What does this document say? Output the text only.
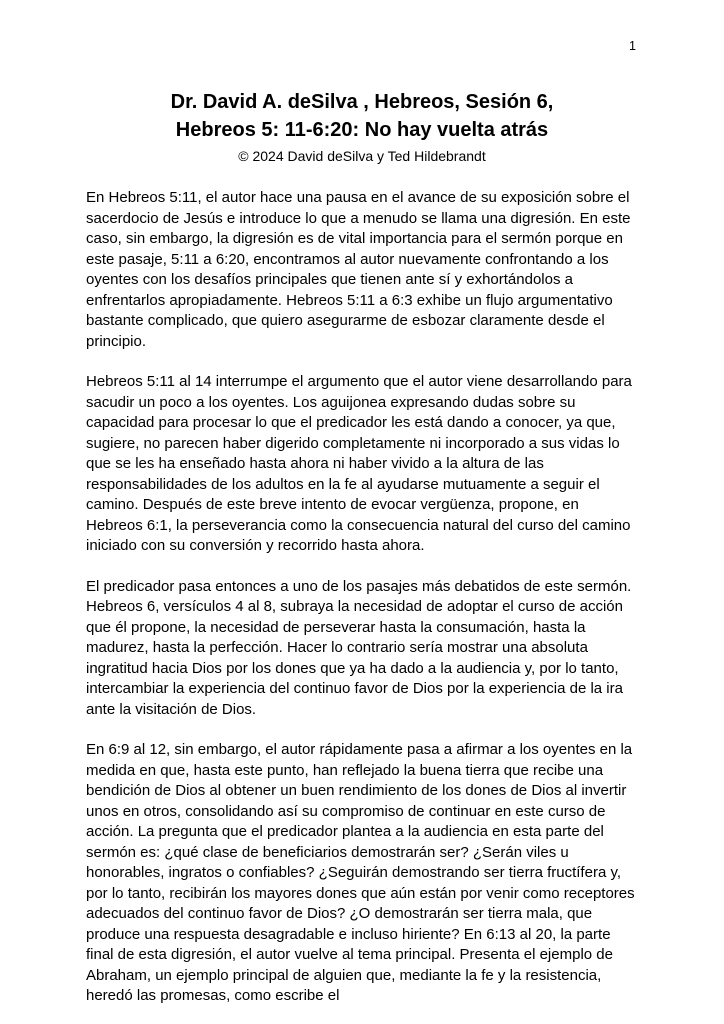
1
Dr. David A. deSilva , Hebreos, Sesión 6,
Hebreos 5: 11-6:20: No hay vuelta atrás
© 2024 David deSilva y Ted Hildebrandt

En Hebreos 5:11, el autor hace una pausa en el avance de su exposición sobre el sacerdocio de Jesús e introduce lo que a menudo se llama una digresión. En este caso, sin embargo, la digresión es de vital importancia para el sermón porque en este pasaje, 5:11 a 6:20, encontramos al autor nuevamente confrontando a los oyentes con los desafíos principales que tienen ante sí y exhortándolos a enfrentarlos apropiadamente. Hebreos 5:11 a 6:3 exhibe un flujo argumentativo bastante complicado, que quiero asegurarme de esbozar claramente desde el principio.

Hebreos 5:11 al 14 interrumpe el argumento que el autor viene desarrollando para sacudir un poco a los oyentes. Los aguijonea expresando dudas sobre su capacidad para procesar lo que el predicador les está dando a conocer, ya que, sugiere, no parecen haber digerido completamente ni incorporado a sus vidas lo que se les ha enseñado hasta ahora ni haber vivido a la altura de las responsabilidades de los adultos en la fe al ayudarse mutuamente a seguir el camino. Después de este breve intento de evocar vergüenza, propone, en Hebreos 6:1, la perseverancia como la consecuencia natural del curso del camino iniciado con su conversión y recorrido hasta ahora.

El predicador pasa entonces a uno de los pasajes más debatidos de este sermón. Hebreos 6, versículos 4 al 8, subraya la necesidad de adoptar el curso de acción que él propone, la necesidad de perseverar hasta la consumación, hasta la madurez, hasta la perfección. Hacer lo contrario sería mostrar una absoluta ingratitud hacia Dios por los dones que ya ha dado a la audiencia y, por lo tanto, intercambiar la experiencia del continuo favor de Dios por la experiencia de la ira ante la visitación de Dios.

En 6:9 al 12, sin embargo, el autor rápidamente pasa a afirmar a los oyentes en la medida en que, hasta este punto, han reflejado la buena tierra que recibe una bendición de Dios al obtener un buen rendimiento de los dones de Dios al invertir unos en otros, consolidando así su compromiso de continuar en este curso de acción. La pregunta que el predicador plantea a la audiencia en esta parte del sermón es: ¿qué clase de beneficiarios demostrarán ser? ¿Serán viles u honorables, ingratos o confiables? ¿Seguirán demostrando ser tierra fructífera y, por lo tanto, recibirán los mayores dones que aún están por venir como receptores adecuados del continuo favor de Dios? ¿O demostrarán ser tierra mala, que produce una respuesta desagradable e incluso hiriente? En 6:13 al 20, la parte final de esta digresión, el autor vuelve al tema principal. Presenta el ejemplo de Abraham, un ejemplo principal de alguien que, mediante la fe y la resistencia, heredó las promesas, como escribe el
